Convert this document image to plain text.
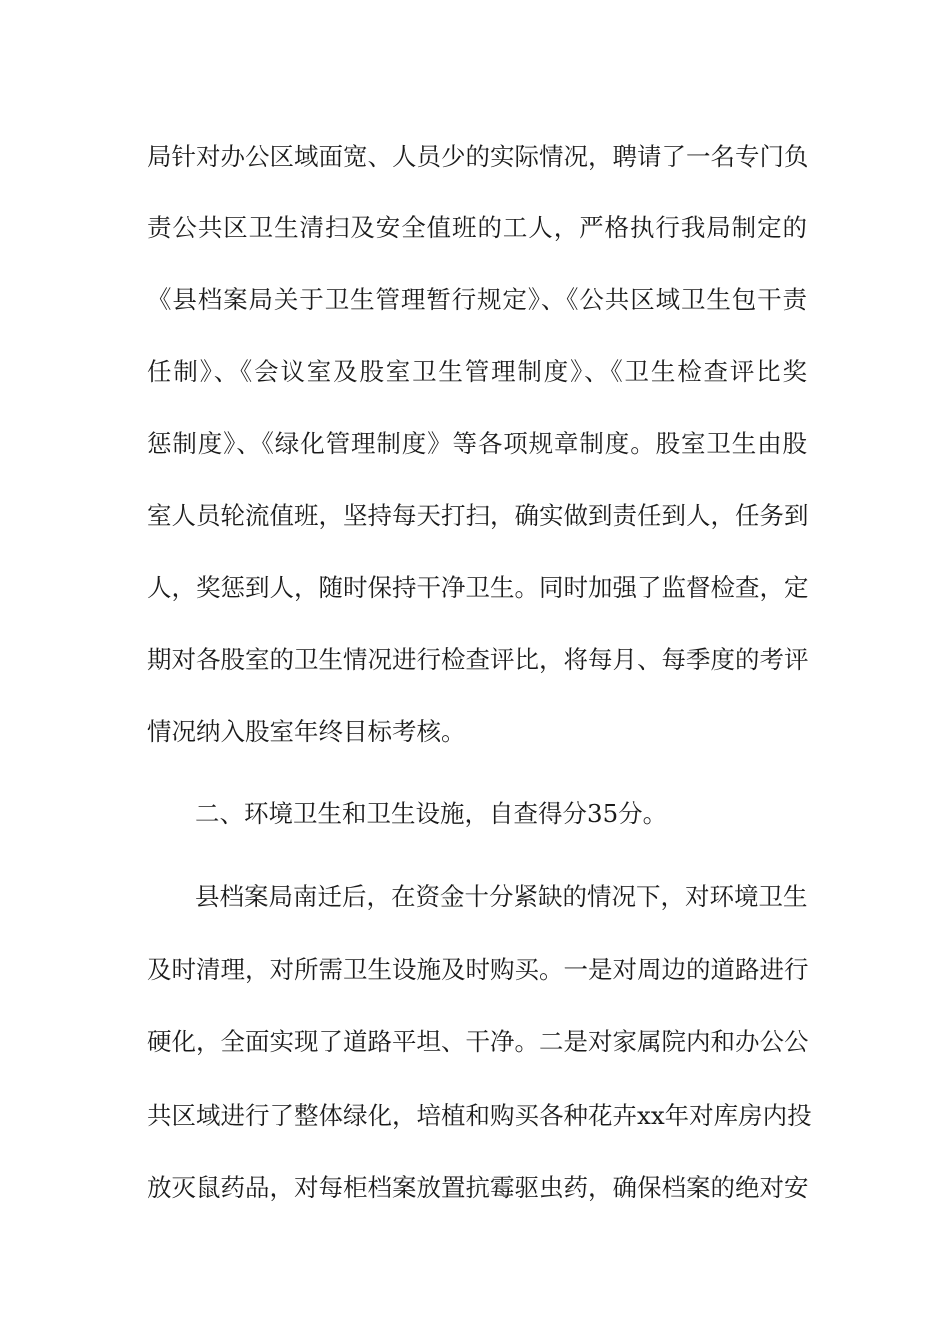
局针对办公区域面宽、人员少的实际情况，聘请了一名专门负
责公共区卫生清扫及安全值班的工人，严格执行我局制定的
《县档案局关于卫生管理暂行规定》、《公共区域卫生包干责
任制》、《会议室及股室卫生管理制度》、《卫生检查评比奖
惩制度》、《绿化管理制度》等各项规章制度。股室卫生由股
室人员轮流值班，坚持每天打扫，确实做到责任到人，任务到
人，奖惩到人，随时保持干净卫生。同时加强了监督检查，定
期对各股室的卫生情况进行检查评比，将每月、每季度的考评
情况纳入股室年终目标考核。
二、环境卫生和卫生设施，自查得分35分。
县档案局南迁后，在资金十分紧缺的情况下，对环境卫生
及时清理，对所需卫生设施及时购买。一是对周边的道路进行
硬化，全面实现了道路平坦、干净。二是对家属院内和办公公
共区域进行了整体绿化，培植和购买各种花卉xx年对库房内投
放灭鼠药品，对每柜档案放置抗霉驱虫药，确保档案的绝对安
